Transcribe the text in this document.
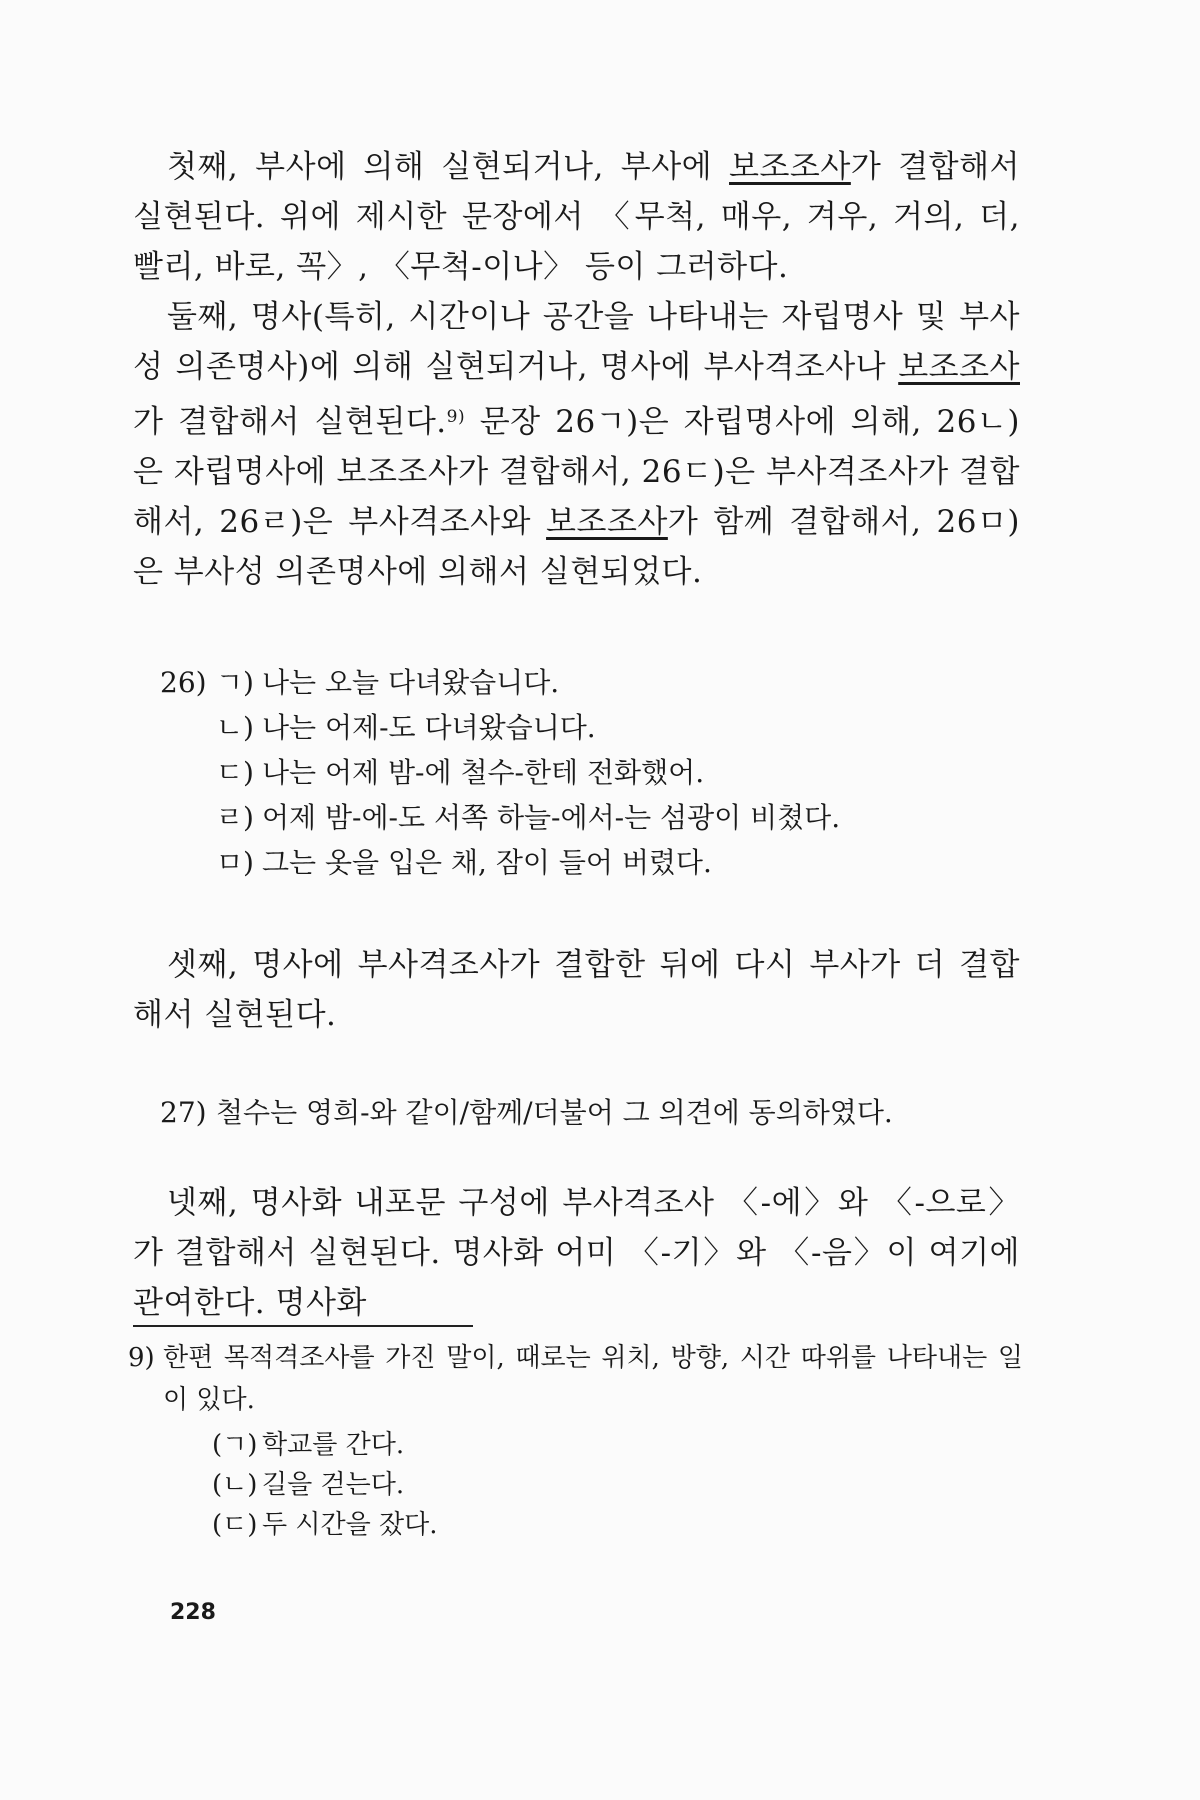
첫째, 부사에 의해 실현되거나, 부사에 보조조사가 결합해서 실현된다. 위에 제시한 문장에서 〈무척, 매우, 겨우, 거의, 더, 빨리, 바로, 꼭〉, 〈무척-이나〉 등이 그러하다.

둘째, 명사(특히, 시간이나 공간을 나타내는 자립명사 및 부사성 의존명사)에 의해 실현되거나, 명사에 부사격조사나 보조조사가 결합해서 실현된다.$^{9)}$ 문장 26ㄱ)은 자립명사에 의해, 26ㄴ)은 자립명사에 보조조사가 결합해서, 26ㄷ)은 부사격조사가 결합해서, 26ㄹ)은 부사격조사와 보조조사가 함께 결합해서, 26ㅁ)은 부사성 의존명사에 의해서 실현되었다.

26) ㄱ) 나는 오늘 다녀왔습니다.

ㄴ) 나는 어제-도 다녀왔습니다.

ㄷ) 나는 어제 밤-에 철수-한테 전화했어.

ㄹ) 어제 밤-에-도 서쪽 하늘-에서-는 섬광이 비쳤다.

ㅁ) 그는 옷을 입은 채, 잠이 들어 버렸다.

셋째, 명사에 부사격조사가 결합한 뒤에 다시 부사가 더 결합해서 실현된다.

27) 철수는 영희-와 같이/함께/더불어 그 의견에 동의하였다.

넷째, 명사화 내포문 구성에 부사격조사 〈-에〉와 〈-으로〉가 결합해서 실현된다. 명사화 어미 〈-기〉와 〈-음〉이 여기에 관여한다. 명사화

9) 한편 목적격조사를 가진 말이, 때로는 위치, 방향, 시간 따위를 나타내는 일이 있다.

(ㄱ) 학교를 간다.

(ㄴ) 길을 걷는다.

(ㄷ) 두 시간을 잤다.

228
